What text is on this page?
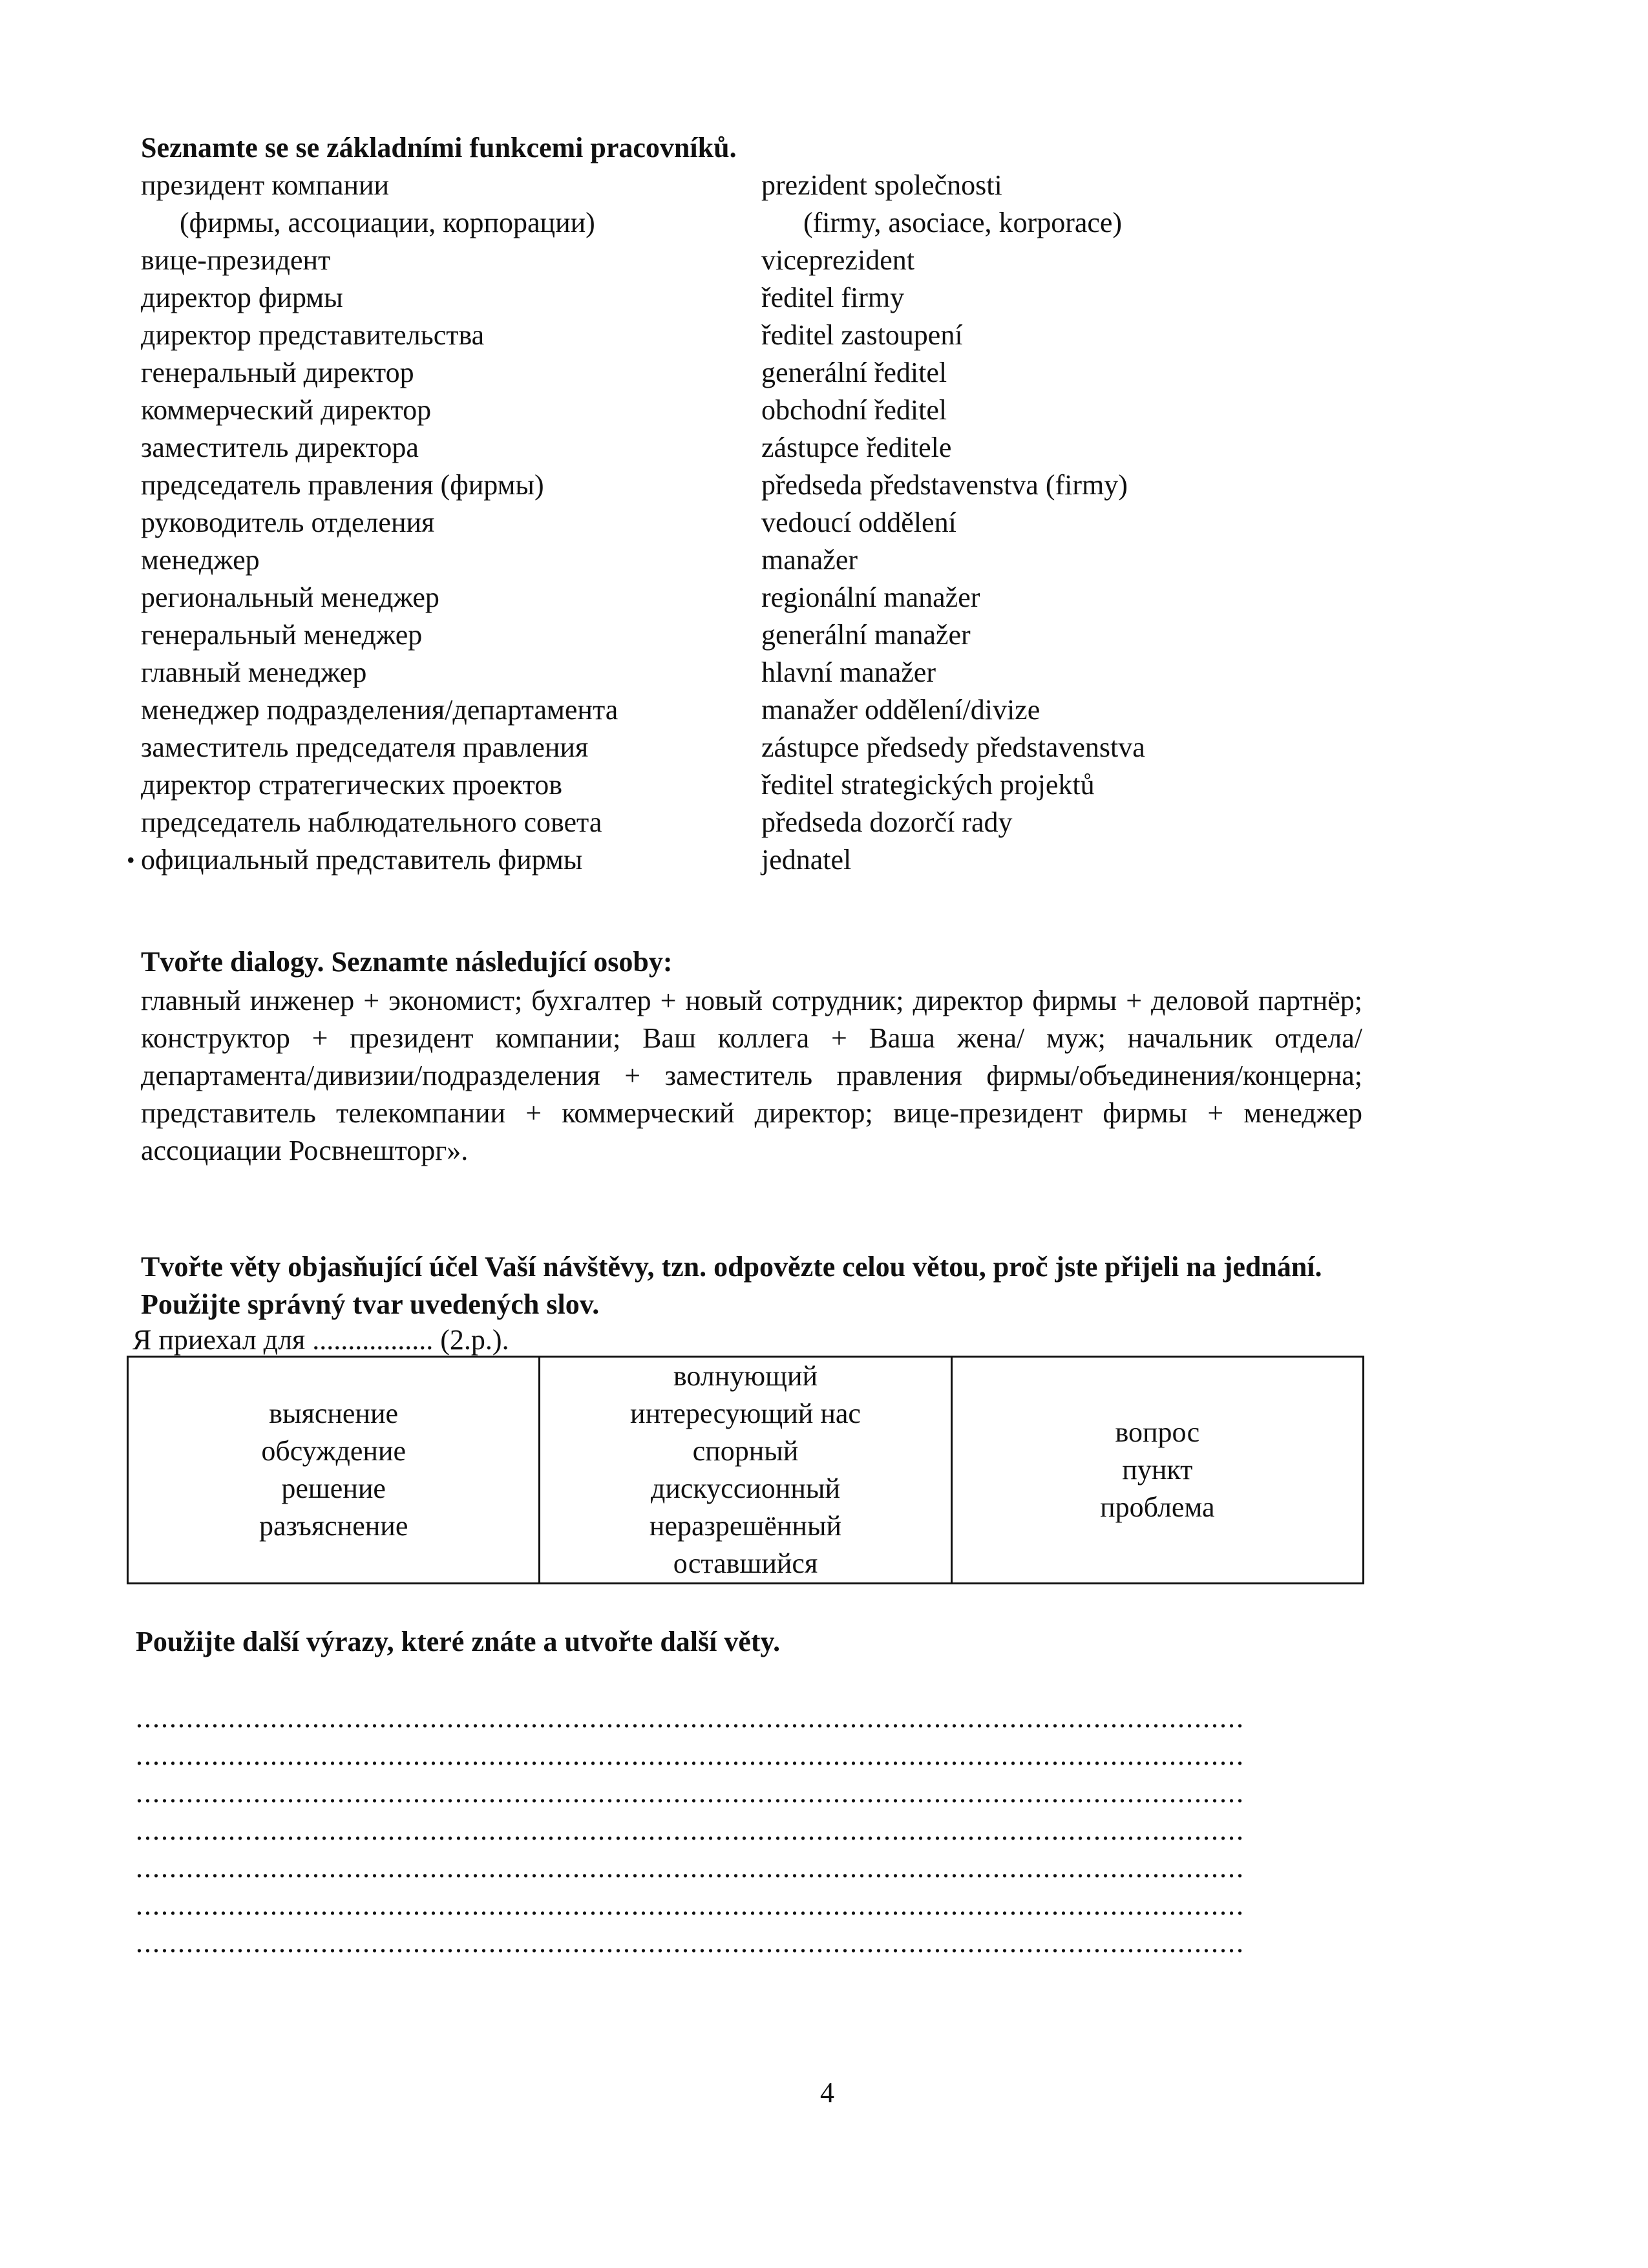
Seznamte se se základními funkcemi pracovníků.
президент компании	prezident společnosti
(фирмы, ассоциации, корпорации)	(firmy, asociace, korporace)
вице-президент	viceprezident
директор фирмы	ředitel firmy
директор представительства	ředitel zastoupení
генеральный директор	generální ředitel
коммерческий директор	obchodní ředitel
заместитель директора	zástupce ředitele
председатель правления (фирмы)	předseda představenstva (firmy)
руководитель отделения	vedoucí oddělení
менеджер	manažer
региональный менеджер	regionální manažer
генеральный менеджер	generální manažer
главный менеджер	hlavní manažer
менеджер подразделения/департамента	manažer oddělení/divize
заместитель председателя правления	zástupce předsedy představenstva
директор стратегических проектов	ředitel strategických projektů
председатель наблюдательного совета	předseda dozorčí rady
• официальный представитель фирмы	jednatel
Tvořte dialogy. Seznamte následující osoby:

главный инженер + экономист; бухгалтер + новый сотрудник; директор фирмы + деловой партнёр; конструктор + президент компании; Ваш коллега + Ваша жена/ муж; начальник отдела/департамента/дивизии/подразделения + заместитель правления фирмы/объединения/концерна; представитель телекомпании + коммерческий директор; вице-президент фирмы + менеджер ассоциации Росвнешторг».

Tvořte věty objasňující účel Vaší návštěvy, tzn. odpovězte celou větou, proč jste přijeli na jednání. Použijte správný tvar uvedených slov.

Я приехал для ................. (2.p.).

выяснение
обсуждение
решение
разъяснение

волнующий
интересующий нас
спорный
дискуссионный
неразрешённый
оставшийся

вопрос
пункт
проблема
Použijte další výrazy, které znáte a utvořte další věty.
....................................................................................................................................
....................................................................................................................................
....................................................................................................................................
....................................................................................................................................
....................................................................................................................................
....................................................................................................................................
....................................................................................................................................
4
